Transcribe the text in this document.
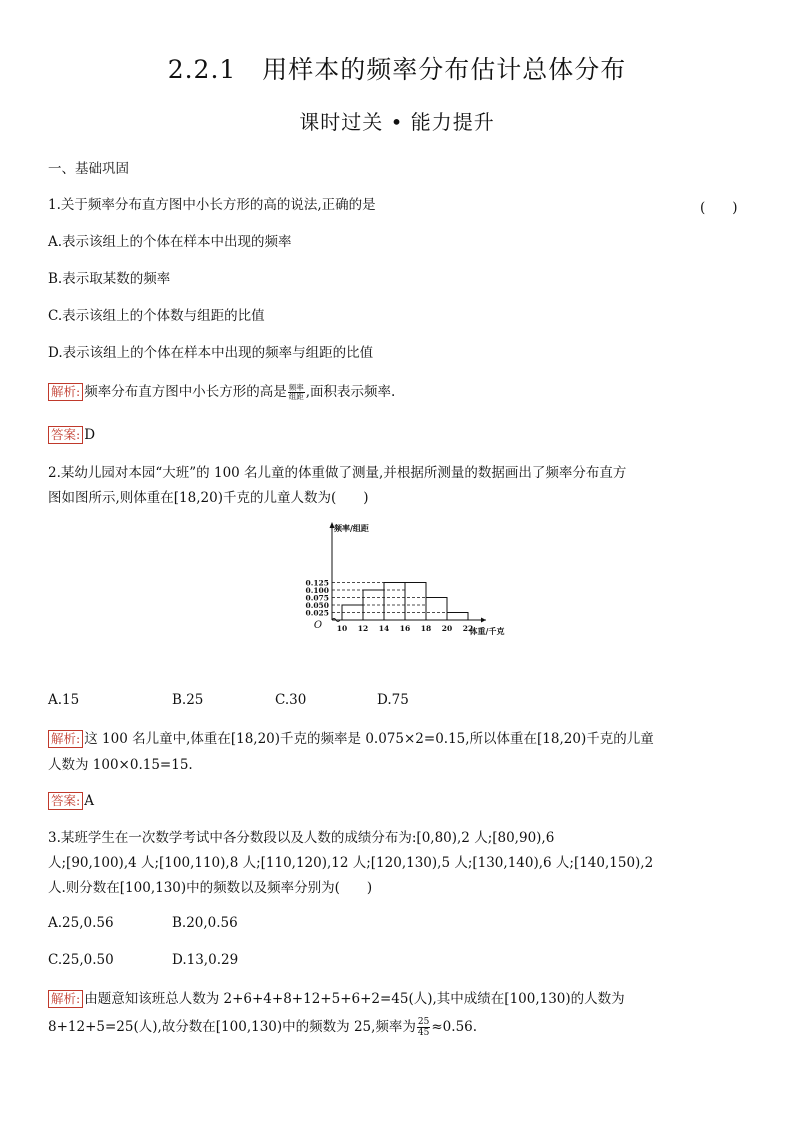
2.2.1　用样本的频率分布估计总体分布
课时过关 • 能力提升
一、基础巩固
1.关于频率分布直方图中小长方形的高的说法,正确的是	(　　)
A.表示该组上的个体在样本中出现的频率
B.表示取某数的频率
C.表示该组上的个体数与组距的比值
D.表示该组上的个体在样本中出现的频率与组距的比值
解析: 频率分布直方图中小长方形的高是 $\frac{\text{频率}}{\text{组距}}$ ,面积表示频率.
答案: D
2.某幼儿园对本园“大班”的 100 名儿童的体重做了测量,并根据所测量的数据画出了频率分布直方
图如图所示,则体重在[18,20)千克的儿童人数为(　　)
0.025
0.050
0.075
0.100
0.125
10 12 14 16 18 20 22
O
频率/组距
体重/千克
A.15	B.25	C.30	D.75
解析: 这 100 名儿童中,体重在[18,20)千克的频率是 0.075×2=0.15,所以体重在[18,20)千克的儿童
人数为 100×0.15=15.
答案: A
3.某班学生在一次数学考试中各分数段以及人数的成绩分布为:[0,80),2 人;[80,90),6
人;[90,100),4 人;[100,110),8 人;[110,120),12 人;[120,130),5 人;[130,140),6 人;[140,150),2
人.则分数在[100,130)中的频数以及频率分别为(　　)
A.25,0.56	B.20,0.56
C.25,0.50	D.13,0.29
解析: 由题意知该班总人数为 2+6+4+8+12+5+6+2=45(人),其中成绩在[100,130)的人数为
8+12+5=25(人),故分数在[100,130)中的频数为 25,频率为 $\frac{25}{45} \approx 0.56$.
